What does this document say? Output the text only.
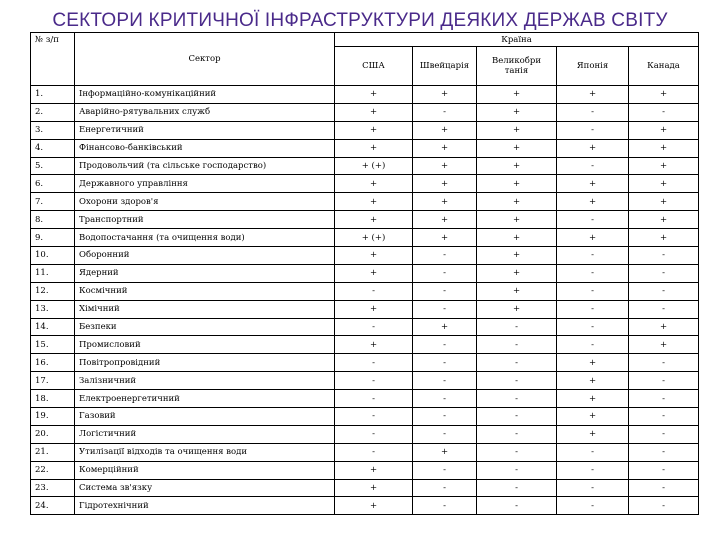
СЕКТОРИ КРИТИЧНОЇ ІНФРАСТРУКТУРИ ДЕЯКИХ ДЕРЖАВ СВІТУ
№ з/п	Сектор	Країна				
		США	Швейцарія	Великобри танія	Японія	Канада
1.	Інформаційно-комунікаційний	+	+	+	+	+
2.	Аварійно-рятувальних служб	+	-	+	-	-
3.	Енергетичний	+	+	+	-	+
4.	Фінансово-банківський	+	+	+	+	+
5.	Продовольчий (та сільське господарство)	+ (+)	+	+	-	+
6.	Державного управління	+	+	+	+	+
7.	Охорони здоров'я	+	+	+	+	+
8.	Транспортний	+	+	+	-	+
9.	Водопостачання (та очищення води)	+ (+)	+	+	+	+
10.	Оборонний	+	-	+	-	-
11.	Ядерний	+	-	+	-	-
12.	Космічний	-	-	+	-	-
13.	Хімічний	+	-	+	-	-
14.	Безпеки	-	+	-	-	+
15.	Промисловий	+	-	-	-	+
16.	Повітропровідний	-	-	-	+	-
17.	Залізничний	-	-	-	+	-
18.	Електроенергетичний	-	-	-	+	-
19.	Газовий	-	-	-	+	-
20.	Логістичний	-	-	-	+	-
21.	Утилізації відходів та очищення води	-	+	-	-	-
22.	Комерційний	+	-	-	-	-
23.	Система зв'язку	+	-	-	-	-
24.	Гідротехнічний	+	-	-	-	-
